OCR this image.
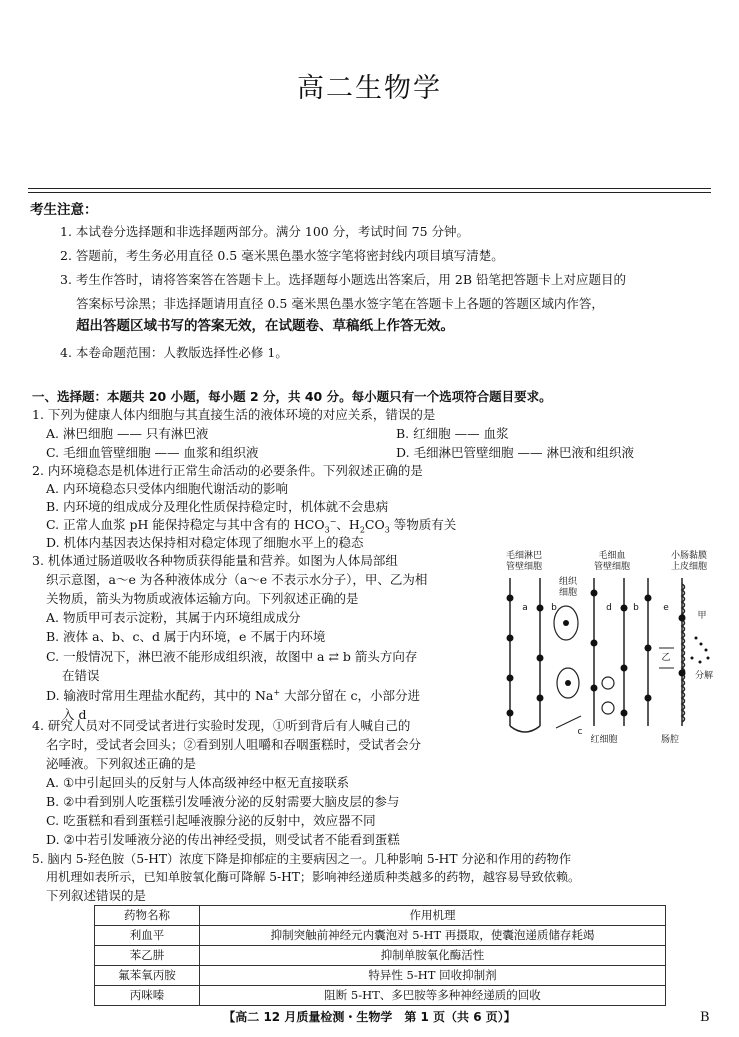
高二生物学
考生注意：
1. 本试卷分选择题和非选择题两部分。满分 100 分，考试时间 75 分钟。
2. 答题前，考生务必用直径 0.5 毫米黑色墨水签字笔将密封线内项目填写清楚。
3. 考生作答时，请将答案答在答题卡上。选择题每小题选出答案后，用 2B 铅笔把答题卡上对应题目的
答案标号涂黑；非选择题请用直径 0.5 毫米黑色墨水签字笔在答题卡上各题的答题区域内作答，
超出答题区域书写的答案无效，在试题卷、草稿纸上作答无效。
4. 本卷命题范围：人教版选择性必修 1。
一、选择题：本题共 20 小题，每小题 2 分，共 40 分。每小题只有一个选项符合题目要求。
1. 下列为健康人体内细胞与其直接生活的液体环境的对应关系，错误的是
A. 淋巴细胞 —— 只有淋巴液	B. 红细胞 —— 血浆
C. 毛细血管壁细胞 —— 血浆和组织液	D. 毛细淋巴管壁细胞 —— 淋巴液和组织液
2. 内环境稳态是机体进行正常生命活动的必要条件。下列叙述正确的是
A. 内环境稳态只受体内细胞代谢活动的影响
B. 内环境的组成成分及理化性质保持稳定时，机体就不会患病
C. 正常人血浆 pH 能保持稳定与其中含有的 $HCO_3^-$、$H_2CO_3$ 等物质有关
D. 机体内基因表达保持相对稳定体现了细胞水平上的稳态
3. 机体通过肠道吸收各种物质获得能量和营养。如图为人体局部组
织示意图，a～e 为各种液体成分（a～e 不表示水分子），甲、乙为相
关物质，箭头为物质或液体运输方向。下列叙述正确的是
A. 物质甲可表示淀粉，其属于内环境组成成分
B. 液体 a、b、c、d 属于内环境，e 不属于内环境
C. 一般情况下，淋巴液不能形成组织液，故图中 a ⇄ b 箭头方向存
在错误
D. 输液时常用生理盐水配药，其中的 Na+ 大部分留在 c，小部分进
入 d
毛细淋巴
管壁细胞
毛细血
管壁细胞
小肠黏膜
上皮细胞
组织
细胞
红细胞	肠腔
a	b
c
d b	e
乙
甲
分解
4. 研究人员对不同受试者进行实验时发现，①听到背后有人喊自己的
名字时，受试者会回头；②看到别人咀嚼和吞咽蛋糕时，受试者会分
泌唾液。下列叙述正确的是
A. ①中引起回头的反射与人体高级神经中枢无直接联系
B. ②中看到别人吃蛋糕引发唾液分泌的反射需要大脑皮层的参与
C. 吃蛋糕和看到蛋糕引起唾液腺分泌的反射中，效应器不同
D. ②中若引发唾液分泌的传出神经受损，则受试者不能看到蛋糕
5. 脑内 5-羟色胺（5-HT）浓度下降是抑郁症的主要病因之一。几种影响 5-HT 分泌和作用的药物作
用机理如表所示，已知单胺氧化酶可降解 5-HT；影响神经递质种类越多的药物，越容易导致依赖。
药物名称	作用机理
利血平	抑制突触前神经元内囊泡对 5-HT 再摄取，使囊泡递质储存耗竭
苯乙肼	抑制单胺氧化酶活性
氟苯氧丙胺	特异性 5-HT 回收抑制剂
丙咪嗪	阻断 5-HT、多巴胺等多种神经递质的回收
下列叙述错误的是
【高二 12 月质量检测・生物学　第 1 页（共 6 页）】	B
